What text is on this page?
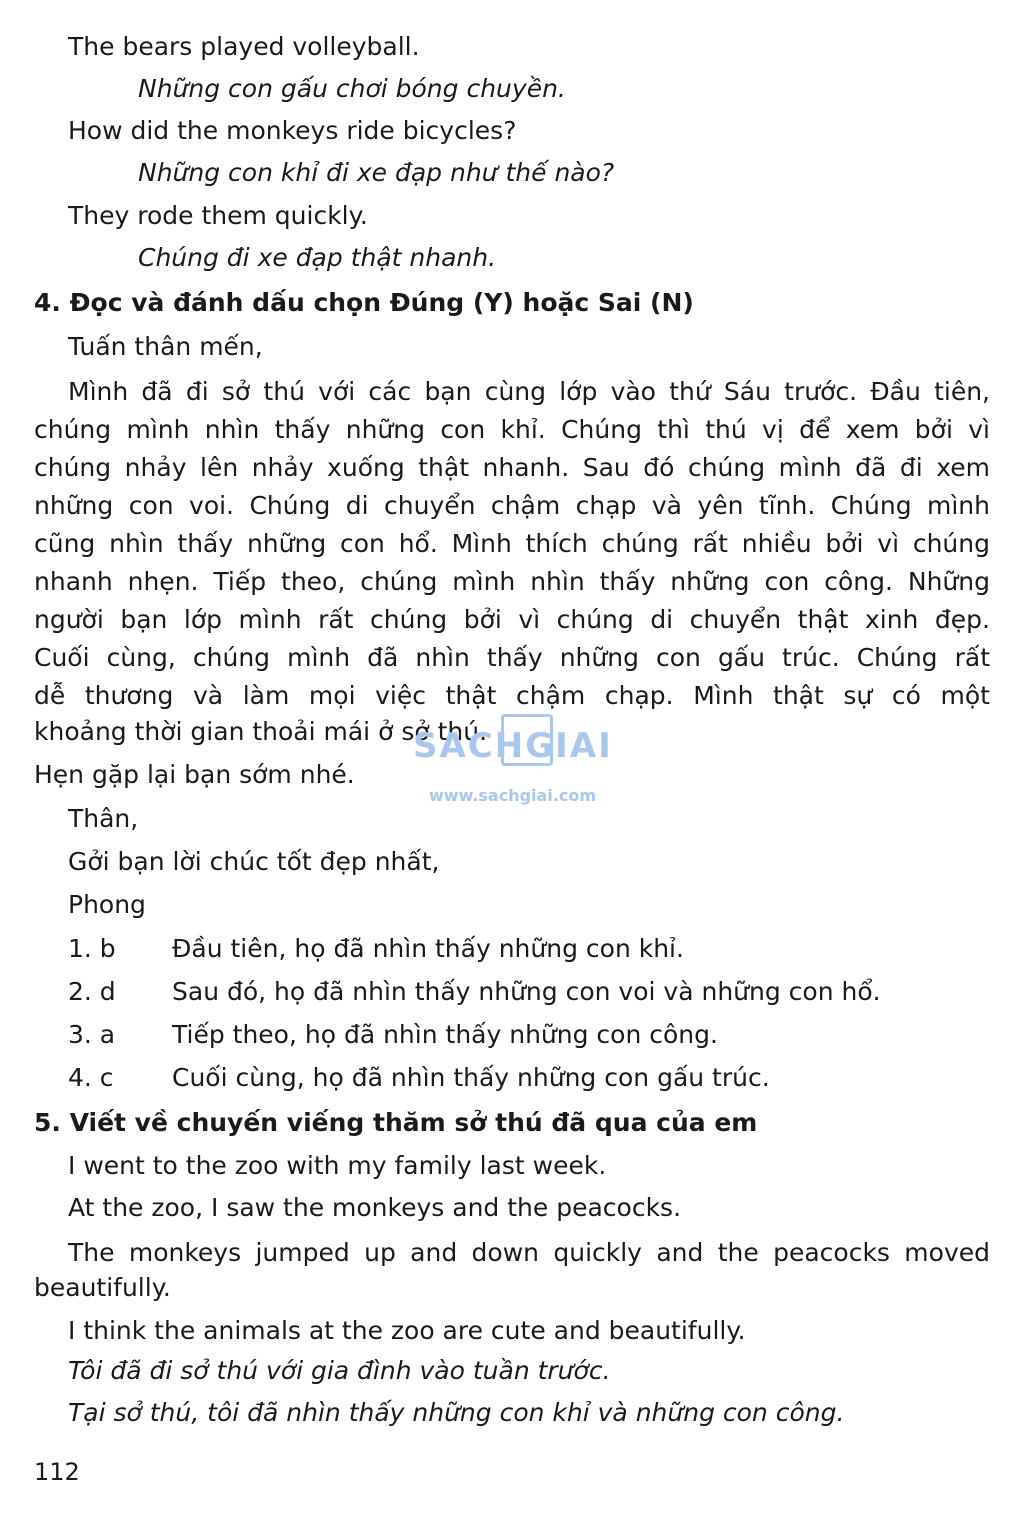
The bears played volleyball.
Những con gấu chơi bóng chuyền.
How did the monkeys ride bicycles?
Những con khỉ đi xe đạp như thế nào?
They rode them quickly.
Chúng đi xe đạp thật nhanh.
4. Đọc và đánh dấu chọn Đúng (Y) hoặc Sai (N)
Tuấn thân mến,
Mình đã đi sở thú với các bạn cùng lớp vào thứ Sáu trước. Đầu tiên,
chúng mình nhìn thấy những con khỉ. Chúng thì thú vị để xem bởi vì
chúng nhảy lên nhảy xuống thật nhanh. Sau đó chúng mình đã đi xem
những con voi. Chúng di chuyển chậm chạp và yên tĩnh. Chúng mình
cũng nhìn thấy những con hổ. Mình thích chúng rất nhiều bởi vì chúng
nhanh nhẹn. Tiếp theo, chúng mình nhìn thấy những con công. Những
người bạn lớp mình rất chúng bởi vì chúng di chuyển thật xinh đẹp.
Cuối cùng, chúng mình đã nhìn thấy những con gấu trúc. Chúng rất
dễ thương và làm mọi việc thật chậm chạp. Mình thật sự có một
khoảng thời gian thoải mái ở sở thú.
Hẹn gặp lại bạn sớm nhé.
Thân,
Gởi bạn lời chúc tốt đẹp nhất,
Phong
1. b Đầu tiên, họ đã nhìn thấy những con khỉ.
2. d Sau đó, họ đã nhìn thấy những con voi và những con hổ.
3. a Tiếp theo, họ đã nhìn thấy những con công.
4. c Cuối cùng, họ đã nhìn thấy những con gấu trúc.
5. Viết về chuyến viếng thăm sở thú đã qua của em
I went to the zoo with my family last week.
At the zoo, I saw the monkeys and the peacocks.
The monkeys jumped up and down quickly and the peacocks moved
beautifully.
I think the animals at the zoo are cute and beautifully.
Tôi đã đi sở thú với gia đình vào tuần trước.
Tại sở thú, tôi đã nhìn thấy những con khỉ và những con công.
SACHGIAI
www.sachgiai.com
112
